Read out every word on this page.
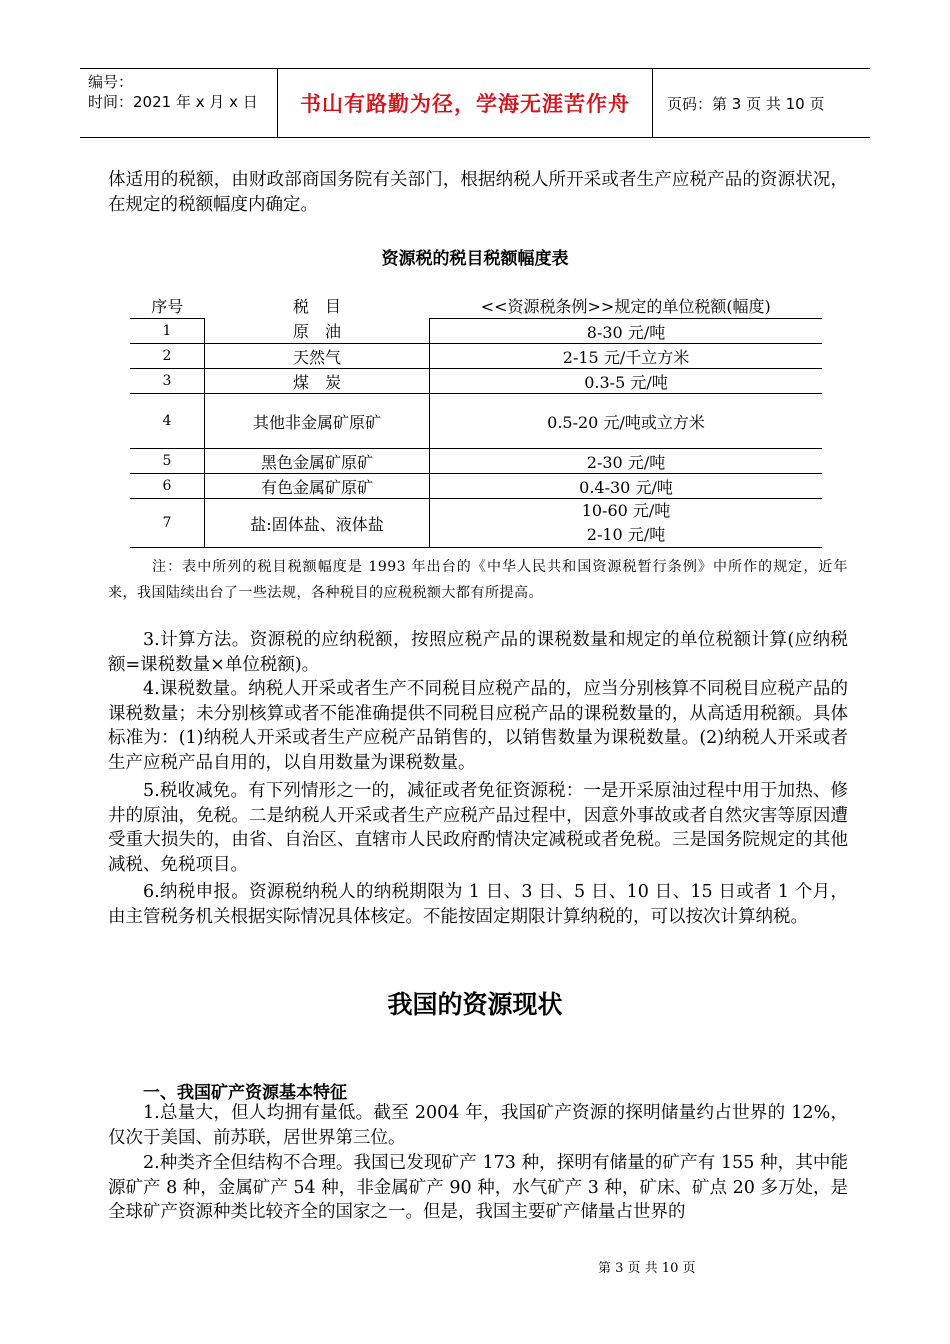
编号：
时间：2021 年 x 月 x 日	书山有路勤为径，学海无涯苦作舟	页码：第 3 页 共 10 页

体适用的税额，由财政部商国务院有关部门，根据纳税人所开采或者生产应税产品的资源状况，在规定的税额幅度内确定。

资源税的税目税额幅度表
序号	税　目	<<资源税条例>>规定的单位税额(幅度)
1	原　油	8-30 元/吨
2	天然气	2-15 元/千立方米
3	煤　炭	0.3-5 元/吨
4	其他非金属矿原矿	0.5-20 元/吨或立方米
5	黑色金属矿原矿	2-30 元/吨
6	有色金属矿原矿	0.4-30 元/吨
7	盐:固体盐、液体盐	10-60 元/吨
2-10 元/吨

注：表中所列的税目税额幅度是 1993 年出台的《中华人民共和国资源税暂行条例》中所作的规定，近年来，我国陆续出台了一些法规，各种税目的应税税额大都有所提高。

3.计算方法。资源税的应纳税额，按照应税产品的课税数量和规定的单位税额计算(应纳税额=课税数量×单位税额)。

4.课税数量。纳税人开采或者生产不同税目应税产品的，应当分别核算不同税目应税产品的课税数量；未分别核算或者不能准确提供不同税目应税产品的课税数量的，从高适用税额。具体标准为：(1)纳税人开采或者生产应税产品销售的，以销售数量为课税数量。(2)纳税人开采或者生产应税产品自用的，以自用数量为课税数量。

5.税收减免。有下列情形之一的，减征或者免征资源税：一是开采原油过程中用于加热、修井的原油，免税。二是纳税人开采或者生产应税产品过程中，因意外事故或者自然灾害等原因遭受重大损失的，由省、自治区、直辖市人民政府酌情决定减税或者免税。三是国务院规定的其他减税、免税项目。

6.纳税申报。资源税纳税人的纳税期限为 1 日、3 日、5 日、10 日、15 日或者 1 个月，由主管税务机关根据实际情况具体核定。不能按固定期限计算纳税的，可以按次计算纳税。

我国的资源现状
一、我国矿产资源基本特征

1.总量大，但人均拥有量低。截至 2004 年，我国矿产资源的探明储量约占世界的 12%，仅次于美国、前苏联，居世界第三位。

2.种类齐全但结构不合理。我国已发现矿产 173 种，探明有储量的矿产有 155 种，其中能源矿产 8 种，金属矿产 54 种，非金属矿产 90 种，水气矿产 3 种，矿床、矿点 20 多万处，是全球矿产资源种类比较齐全的国家之一。但是，我国主要矿产储量占世界的

第 3 页 共 10 页
